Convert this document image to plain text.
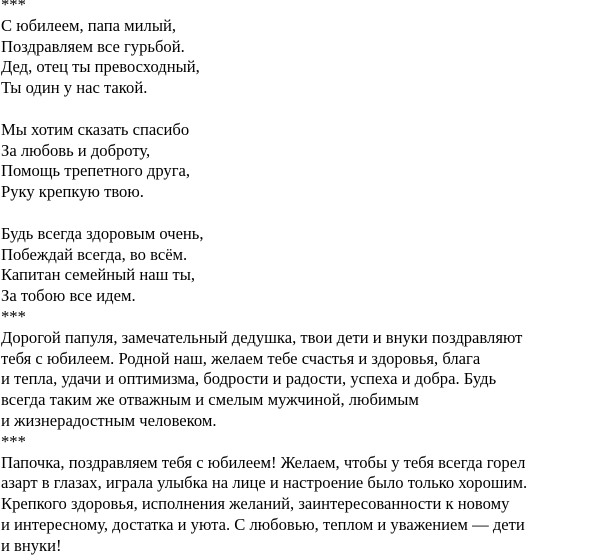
***
С юбилеем, папа милый,
Поздравляем все гурьбой.
Дед, отец ты превосходный,
Ты один у нас такой.
Мы хотим сказать спасибо
За любовь и доброту,
Помощь трепетного друга,
Руку крепкую твою.
Будь всегда здоровым очень,
Побеждай всегда, во всём.
Капитан семейный наш ты,
За тобою все идем.
***
Дорогой папуля, замечательный дедушка, твои дети и внуки поздравляют
тебя с юбилеем. Родной наш, желаем тебе счастья и здоровья, блага
и тепла, удачи и оптимизма, бодрости и радости, успеха и добра. Будь
всегда таким же отважным и смелым мужчиной, любимым
и жизнерадостным человеком.
***
Папочка, поздравляем тебя с юбилеем! Желаем, чтобы у тебя всегда горел
азарт в глазах, играла улыбка на лице и настроение было только хорошим.
Крепкого здоровья, исполнения желаний, заинтересованности к новому
и интересному, достатка и уюта. С любовью, теплом и уважением — дети
и внуки!
